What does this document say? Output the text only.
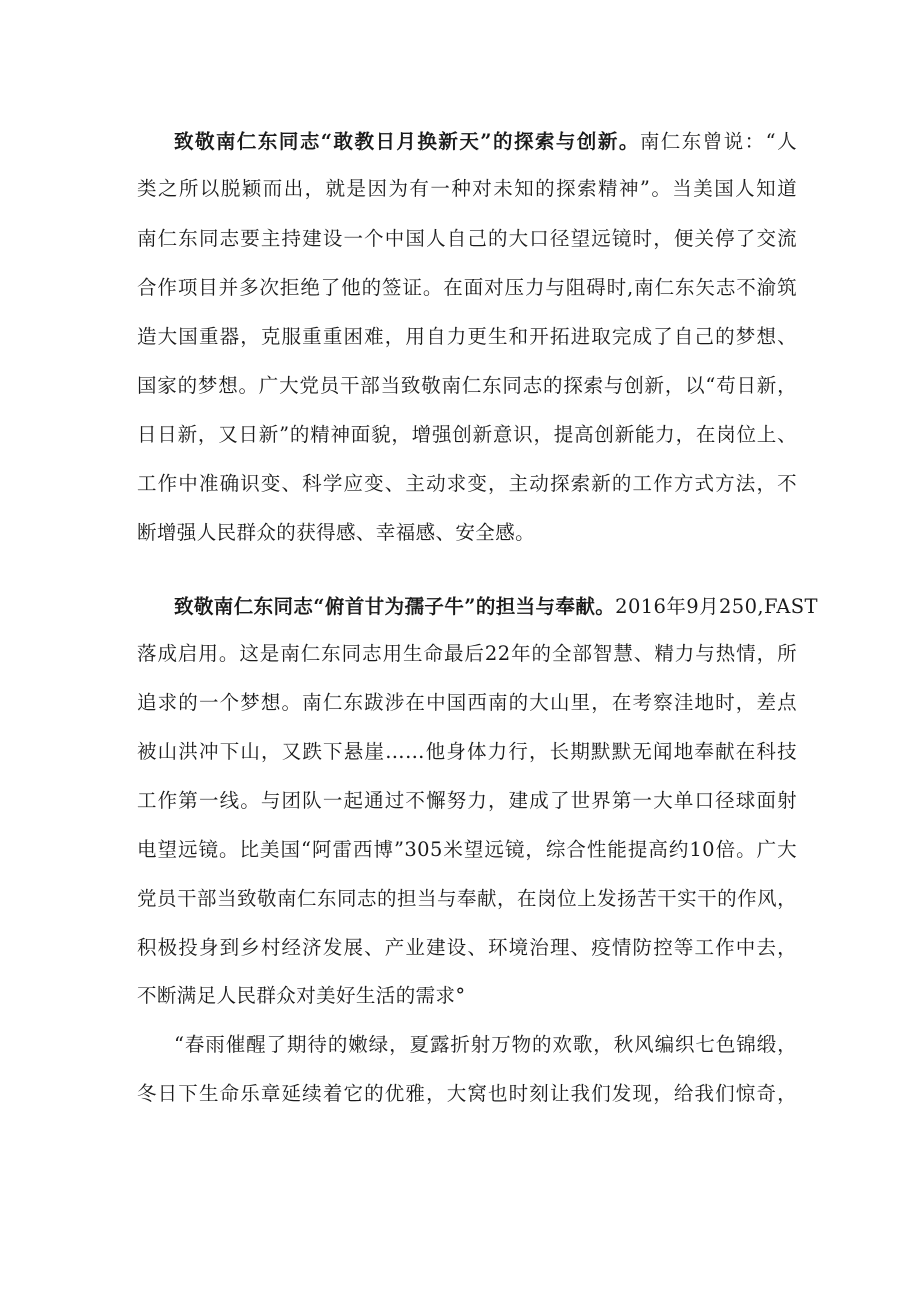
致敬南仁东同志“敢教日月换新天”的探索与创新。南仁东曾说：“人
类之所以脱颖而出，就是因为有一种对未知的探索精神”。当美国人知道
南仁东同志要主持建设一个中国人自己的大口径望远镜时，便关停了交流
合作项目并多次拒绝了他的签证。在面对压力与阻碍时,南仁东矢志不渝筑
造大国重器，克服重重困难，用自力更生和开拓进取完成了自己的梦想、
国家的梦想。广大党员干部当致敬南仁东同志的探索与创新，以“苟日新，
日日新，又日新”的精神面貌，增强创新意识，提高创新能力，在岗位上、
工作中准确识变、科学应变、主动求变，主动探索新的工作方式方法，不
断增强人民群众的获得感、幸福感、安全感。
致敬南仁东同志“俯首甘为孺子牛”的担当与奉献。2016年9月250,FAST
落成启用。这是南仁东同志用生命最后22年的全部智慧、精力与热情，所
追求的一个梦想。南仁东跋涉在中国西南的大山里，在考察洼地时，差点
被山洪冲下山，又跌下悬崖……他身体力行，长期默默无闻地奉献在科技
工作第一线。与团队一起通过不懈努力，建成了世界第一大单口径球面射
电望远镜。比美国“阿雷西博”305米望远镜，综合性能提高约10倍。广大
党员干部当致敬南仁东同志的担当与奉献，在岗位上发扬苦干实干的作风，
积极投身到乡村经济发展、产业建设、环境治理、疫情防控等工作中去，
不断满足人民群众对美好生活的需求°
“春雨催醒了期待的嫩绿，夏露折射万物的欢歌，秋风编织七色锦缎，
冬日下生命乐章延续着它的优雅，大窝也时刻让我们发现，给我们惊奇，
